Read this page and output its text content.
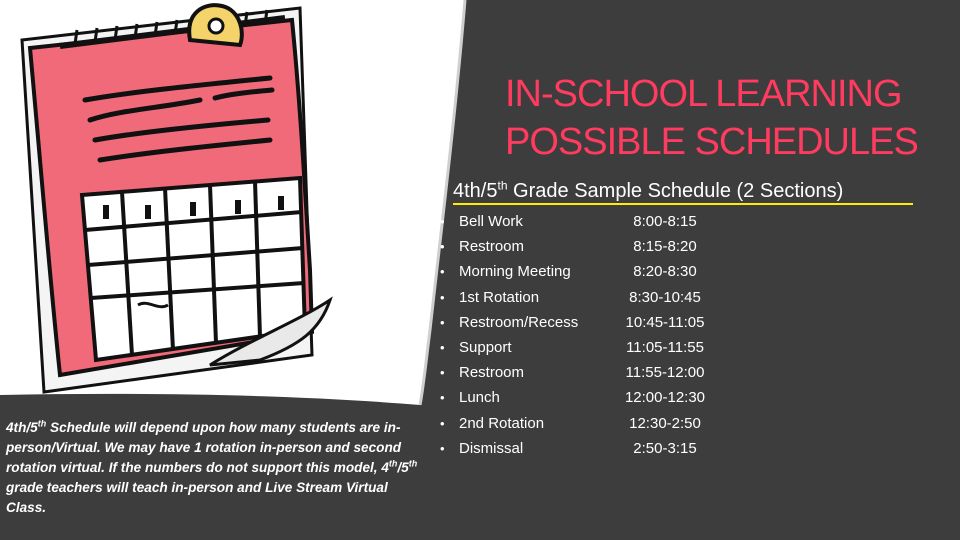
IN-SCHOOL LEARNING
POSSIBLE SCHEDULES
4th/5th Grade Sample Schedule (2 Sections)
• Bell Work	8:00-8:15
• Restroom	8:15-8:20
• Morning Meeting	8:20-8:30
• 1st Rotation	8:30-10:45
• Restroom/Recess	10:45-11:05
• Support	11:05-11:55
• Restroom	11:55-12:00
• Lunch	12:00-12:30
• 2nd Rotation	12:30-2:50
• Dismissal	2:50-3:15
4th/5th Schedule will depend upon how many students are in-person/Virtual. We may have 1 rotation in-person and second rotation virtual. If the numbers do not support this model, 4th/5th grade teachers will teach in-person and Live Stream Virtual Class.
